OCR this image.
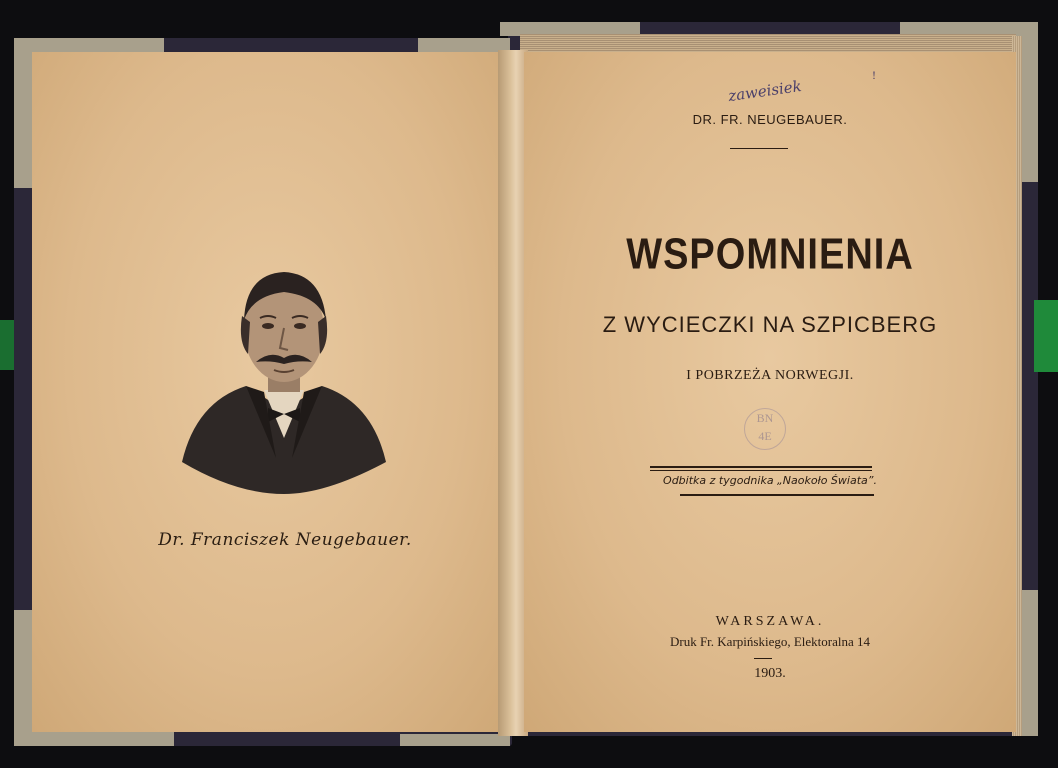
Dr. Franciszek Neugebauer.
zaweisiek
!
DR. FR. NEUGEBAUER.
WSPOMNIENIA
Z WYCIECZKI NA SZPICBERG
I POBRZEŻA NORWEGJI.
BN
4E
Odbitka z tygodnika „Naokoło Świata”.
WARSZAWA.
Druk Fr. Karpińskiego, Elektoralna 14
1903.
